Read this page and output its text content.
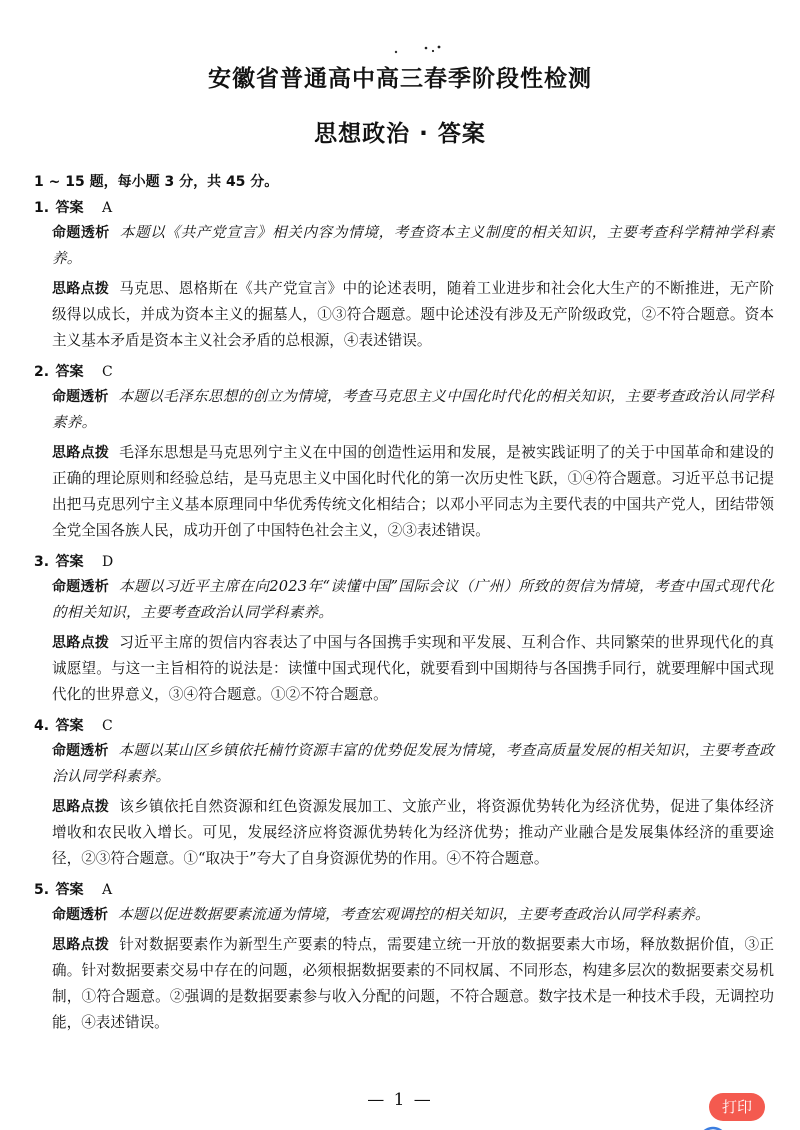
安徽省普通高中高三春季阶段性检测
思想政治 · 答案
1 ~ 15 题，每小题 3 分，共 45 分。
1. 答案 A
命题透析 本题以《共产党宣言》相关内容为情境，考查资本主义制度的相关知识，主要考查科学精神学科素养。
思路点拨 马克思、恩格斯在《共产党宣言》中的论述表明，随着工业进步和社会化大生产的不断推进，无产阶级得以成长，并成为资本主义的掘墓人，①③符合题意。题中论述没有涉及无产阶级政党，②不符合题意。资本主义基本矛盾是资本主义社会矛盾的总根源，④表述错误。
2. 答案 C
命题透析 本题以毛泽东思想的创立为情境，考查马克思主义中国化时代化的相关知识，主要考查政治认同学科素养。
思路点拨 毛泽东思想是马克思列宁主义在中国的创造性运用和发展，是被实践证明了的关于中国革命和建设的正确的理论原则和经验总结，是马克思主义中国化时代化的第一次历史性飞跃，①④符合题意。习近平总书记提出把马克思列宁主义基本原理同中华优秀传统文化相结合；以邓小平同志为主要代表的中国共产党人，团结带领全党全国各族人民，成功开创了中国特色社会主义，②③表述错误。
3. 答案 D
命题透析 本题以习近平主席在向2023年“读懂中国”国际会议（广州）所致的贺信为情境，考查中国式现代化的相关知识，主要考查政治认同学科素养。
思路点拨 习近平主席的贺信内容表达了中国与各国携手实现和平发展、互利合作、共同繁荣的世界现代化的真诚愿望。与这一主旨相符的说法是：读懂中国式现代化，就要看到中国期待与各国携手同行，就要理解中国式现代化的世界意义，③④符合题意。①②不符合题意。
4. 答案 C
命题透析 本题以某山区乡镇依托楠竹资源丰富的优势促发展为情境，考查高质量发展的相关知识，主要考查政治认同学科素养。
思路点拨 该乡镇依托自然资源和红色资源发展加工、文旅产业，将资源优势转化为经济优势，促进了集体经济增收和农民收入增长。可见，发展经济应将资源优势转化为经济优势；推动产业融合是发展集体经济的重要途径，②③符合题意。①“取决于”夸大了自身资源优势的作用。④不符合题意。
5. 答案 A
命题透析 本题以促进数据要素流通为情境，考查宏观调控的相关知识，主要考查政治认同学科素养。
思路点拨 针对数据要素作为新型生产要素的特点，需要建立统一开放的数据要素大市场，释放数据价值，③正确。针对数据要素交易中存在的问题，必须根据数据要素的不同权属、不同形态，构建多层次的数据要素交易机制，①符合题意。②强调的是数据要素参与收入分配的问题，不符合题意。数字技术是一种技术手段，无调控功能，④表述错误。
— 1 —	打印
